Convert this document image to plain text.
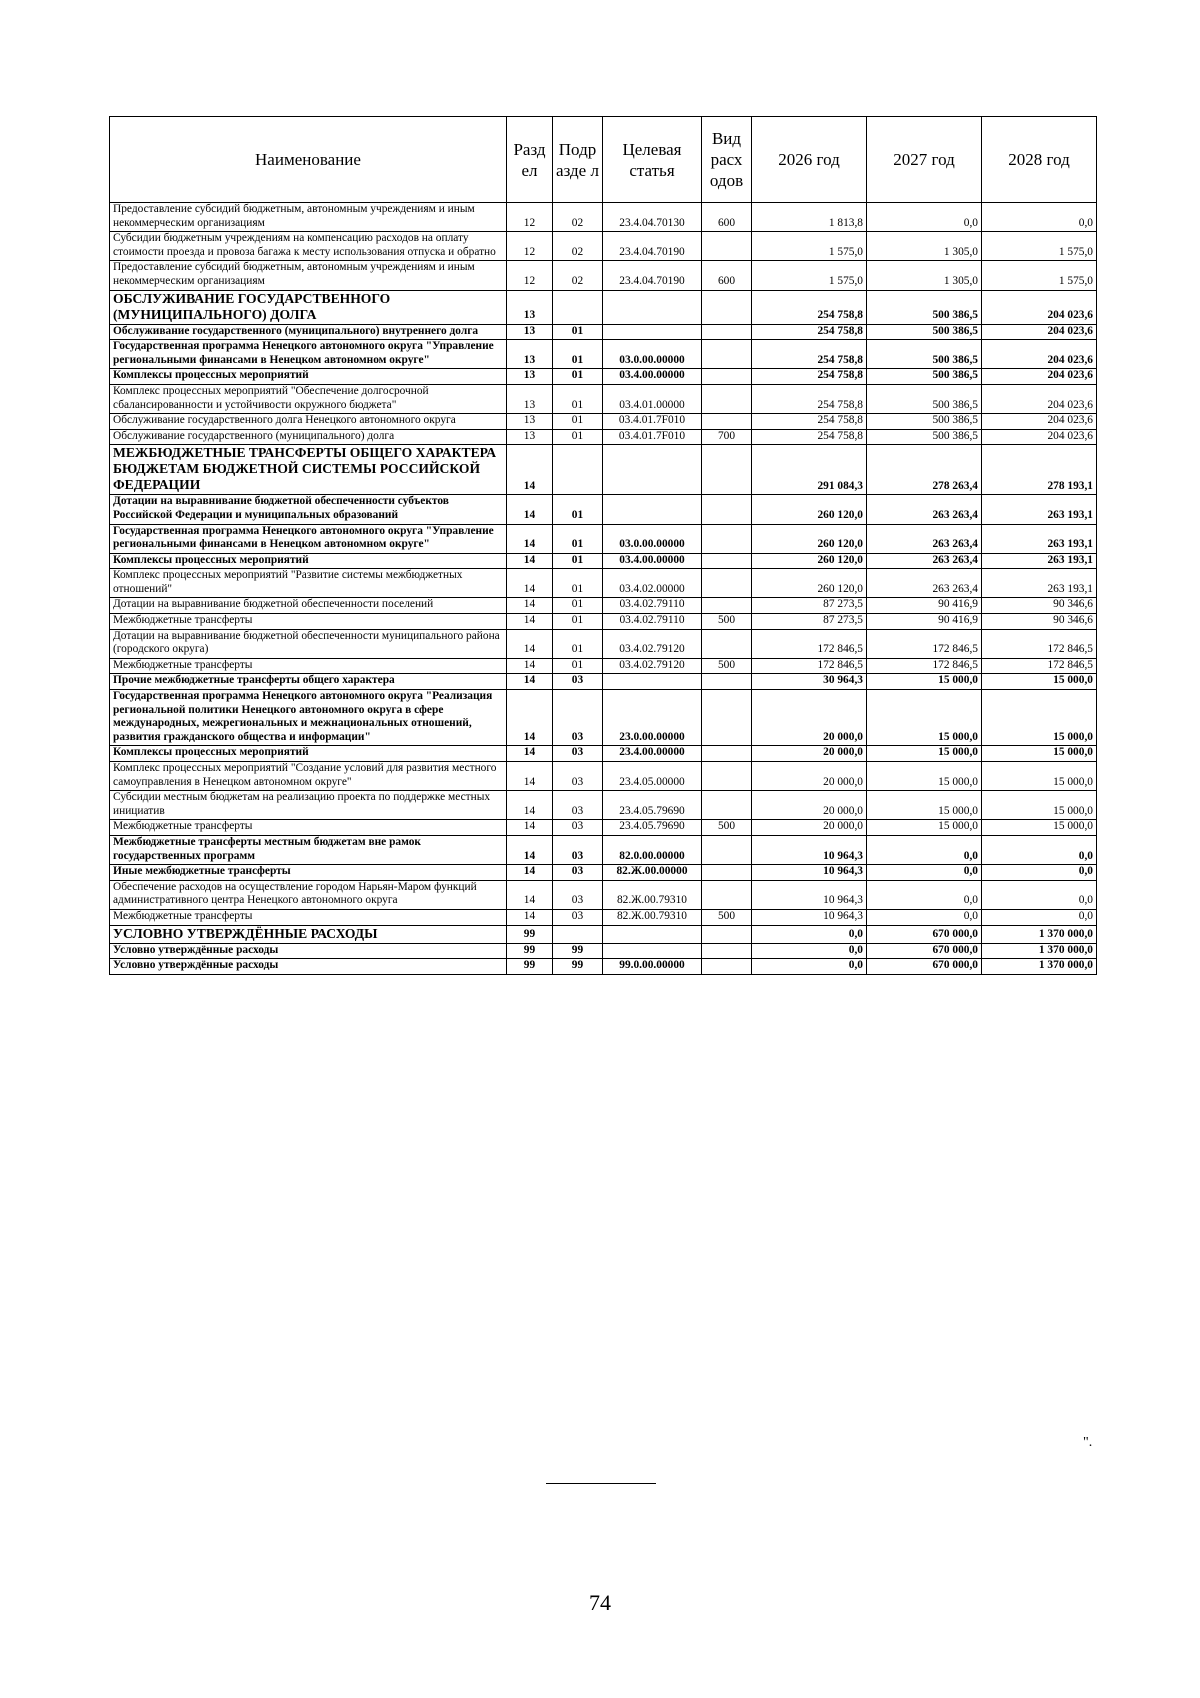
Наименование	Разд ел	Подр азде л	Целевая статья	Вид расх одов	2026 год	2027 год	2028 год
Предоставление субсидий бюджетным, автономным учреждениям и иным некоммерческим организациям	12	02	23.4.04.70130	600	1 813,8	0,0	0,0
Субсидии бюджетным учреждениям на компенсацию расходов на оплату стоимости проезда и провоза багажа к месту использования отпуска и обратно	12	02	23.4.04.70190		1 575,0	1 305,0	1 575,0
Предоставление субсидий бюджетным, автономным учреждениям и иным некоммерческим организациям	12	02	23.4.04.70190	600	1 575,0	1 305,0	1 575,0
ОБСЛУЖИВАНИЕ ГОСУДАРСТВЕННОГО (МУНИЦИПАЛЬНОГО) ДОЛГА	13				254 758,8	500 386,5	204 023,6
Обслуживание государственного (муниципального) внутреннего долга	13	01			254 758,8	500 386,5	204 023,6
Государственная программа Ненецкого автономного округа "Управление региональными финансами в Ненецком автономном округе"	13	01	03.0.00.00000		254 758,8	500 386,5	204 023,6
Комплексы процессных мероприятий	13	01	03.4.00.00000		254 758,8	500 386,5	204 023,6
Комплекс процессных мероприятий "Обеспечение долгосрочной сбалансированности и устойчивости окружного бюджета"	13	01	03.4.01.00000		254 758,8	500 386,5	204 023,6
Обслуживание государственного долга Ненецкого автономного округа	13	01	03.4.01.7F010		254 758,8	500 386,5	204 023,6
Обслуживание государственного (муниципального) долга	13	01	03.4.01.7F010	700	254 758,8	500 386,5	204 023,6
МЕЖБЮДЖЕТНЫЕ ТРАНСФЕРТЫ ОБЩЕГО ХАРАКТЕРА БЮДЖЕТАМ БЮДЖЕТНОЙ СИСТЕМЫ РОССИЙСКОЙ ФЕДЕРАЦИИ	14				291 084,3	278 263,4	278 193,1
Дотации на выравнивание бюджетной обеспеченности субъектов Российской Федерации и муниципальных образований	14	01			260 120,0	263 263,4	263 193,1
Государственная программа Ненецкого автономного округа "Управление региональными финансами в Ненецком автономном округе"	14	01	03.0.00.00000		260 120,0	263 263,4	263 193,1
Комплексы процессных мероприятий	14	01	03.4.00.00000		260 120,0	263 263,4	263 193,1
Комплекс процессных мероприятий "Развитие системы межбюджетных отношений"	14	01	03.4.02.00000		260 120,0	263 263,4	263 193,1
Дотации на выравнивание бюджетной обеспеченности поселений	14	01	03.4.02.79110		87 273,5	90 416,9	90 346,6
Межбюджетные трансферты	14	01	03.4.02.79110	500	87 273,5	90 416,9	90 346,6
Дотации на выравнивание бюджетной обеспеченности муниципального района (городского округа)	14	01	03.4.02.79120		172 846,5	172 846,5	172 846,5
Межбюджетные трансферты	14	01	03.4.02.79120	500	172 846,5	172 846,5	172 846,5
Прочие межбюджетные трансферты общего характера	14	03			30 964,3	15 000,0	15 000,0
Государственная программа Ненецкого автономного округа "Реализация региональной политики Ненецкого автономного округа в сфере международных, межрегиональных и межнациональных отношений, развития гражданского общества и информации"	14	03	23.0.00.00000		20 000,0	15 000,0	15 000,0
Комплексы процессных мероприятий	14	03	23.4.00.00000		20 000,0	15 000,0	15 000,0
Комплекс процессных мероприятий "Создание условий для развития местного самоуправления в Ненецком автономном округе"	14	03	23.4.05.00000		20 000,0	15 000,0	15 000,0
Субсидии местным бюджетам на реализацию проекта по поддержке местных инициатив	14	03	23.4.05.79690		20 000,0	15 000,0	15 000,0
Межбюджетные трансферты	14	03	23.4.05.79690	500	20 000,0	15 000,0	15 000,0
Межбюджетные трансферты местным бюджетам вне рамок государственных программ	14	03	82.0.00.00000		10 964,3	0,0	0,0
Иные межбюджетные трансферты	14	03	82.Ж.00.00000		10 964,3	0,0	0,0
Обеспечение расходов на осуществление городом Нарьян-Маром функций административного центра Ненецкого автономного округа	14	03	82.Ж.00.79310		10 964,3	0,0	0,0
Межбюджетные трансферты	14	03	82.Ж.00.79310	500	10 964,3	0,0	0,0
УСЛОВНО УТВЕРЖДЁННЫЕ РАСХОДЫ	99				0,0	670 000,0	1 370 000,0
Условно утверждённые расходы	99	99			0,0	670 000,0	1 370 000,0
Условно утверждённые расходы	99	99	99.0.00.00000		0,0	670 000,0	1 370 000,0
".
74
